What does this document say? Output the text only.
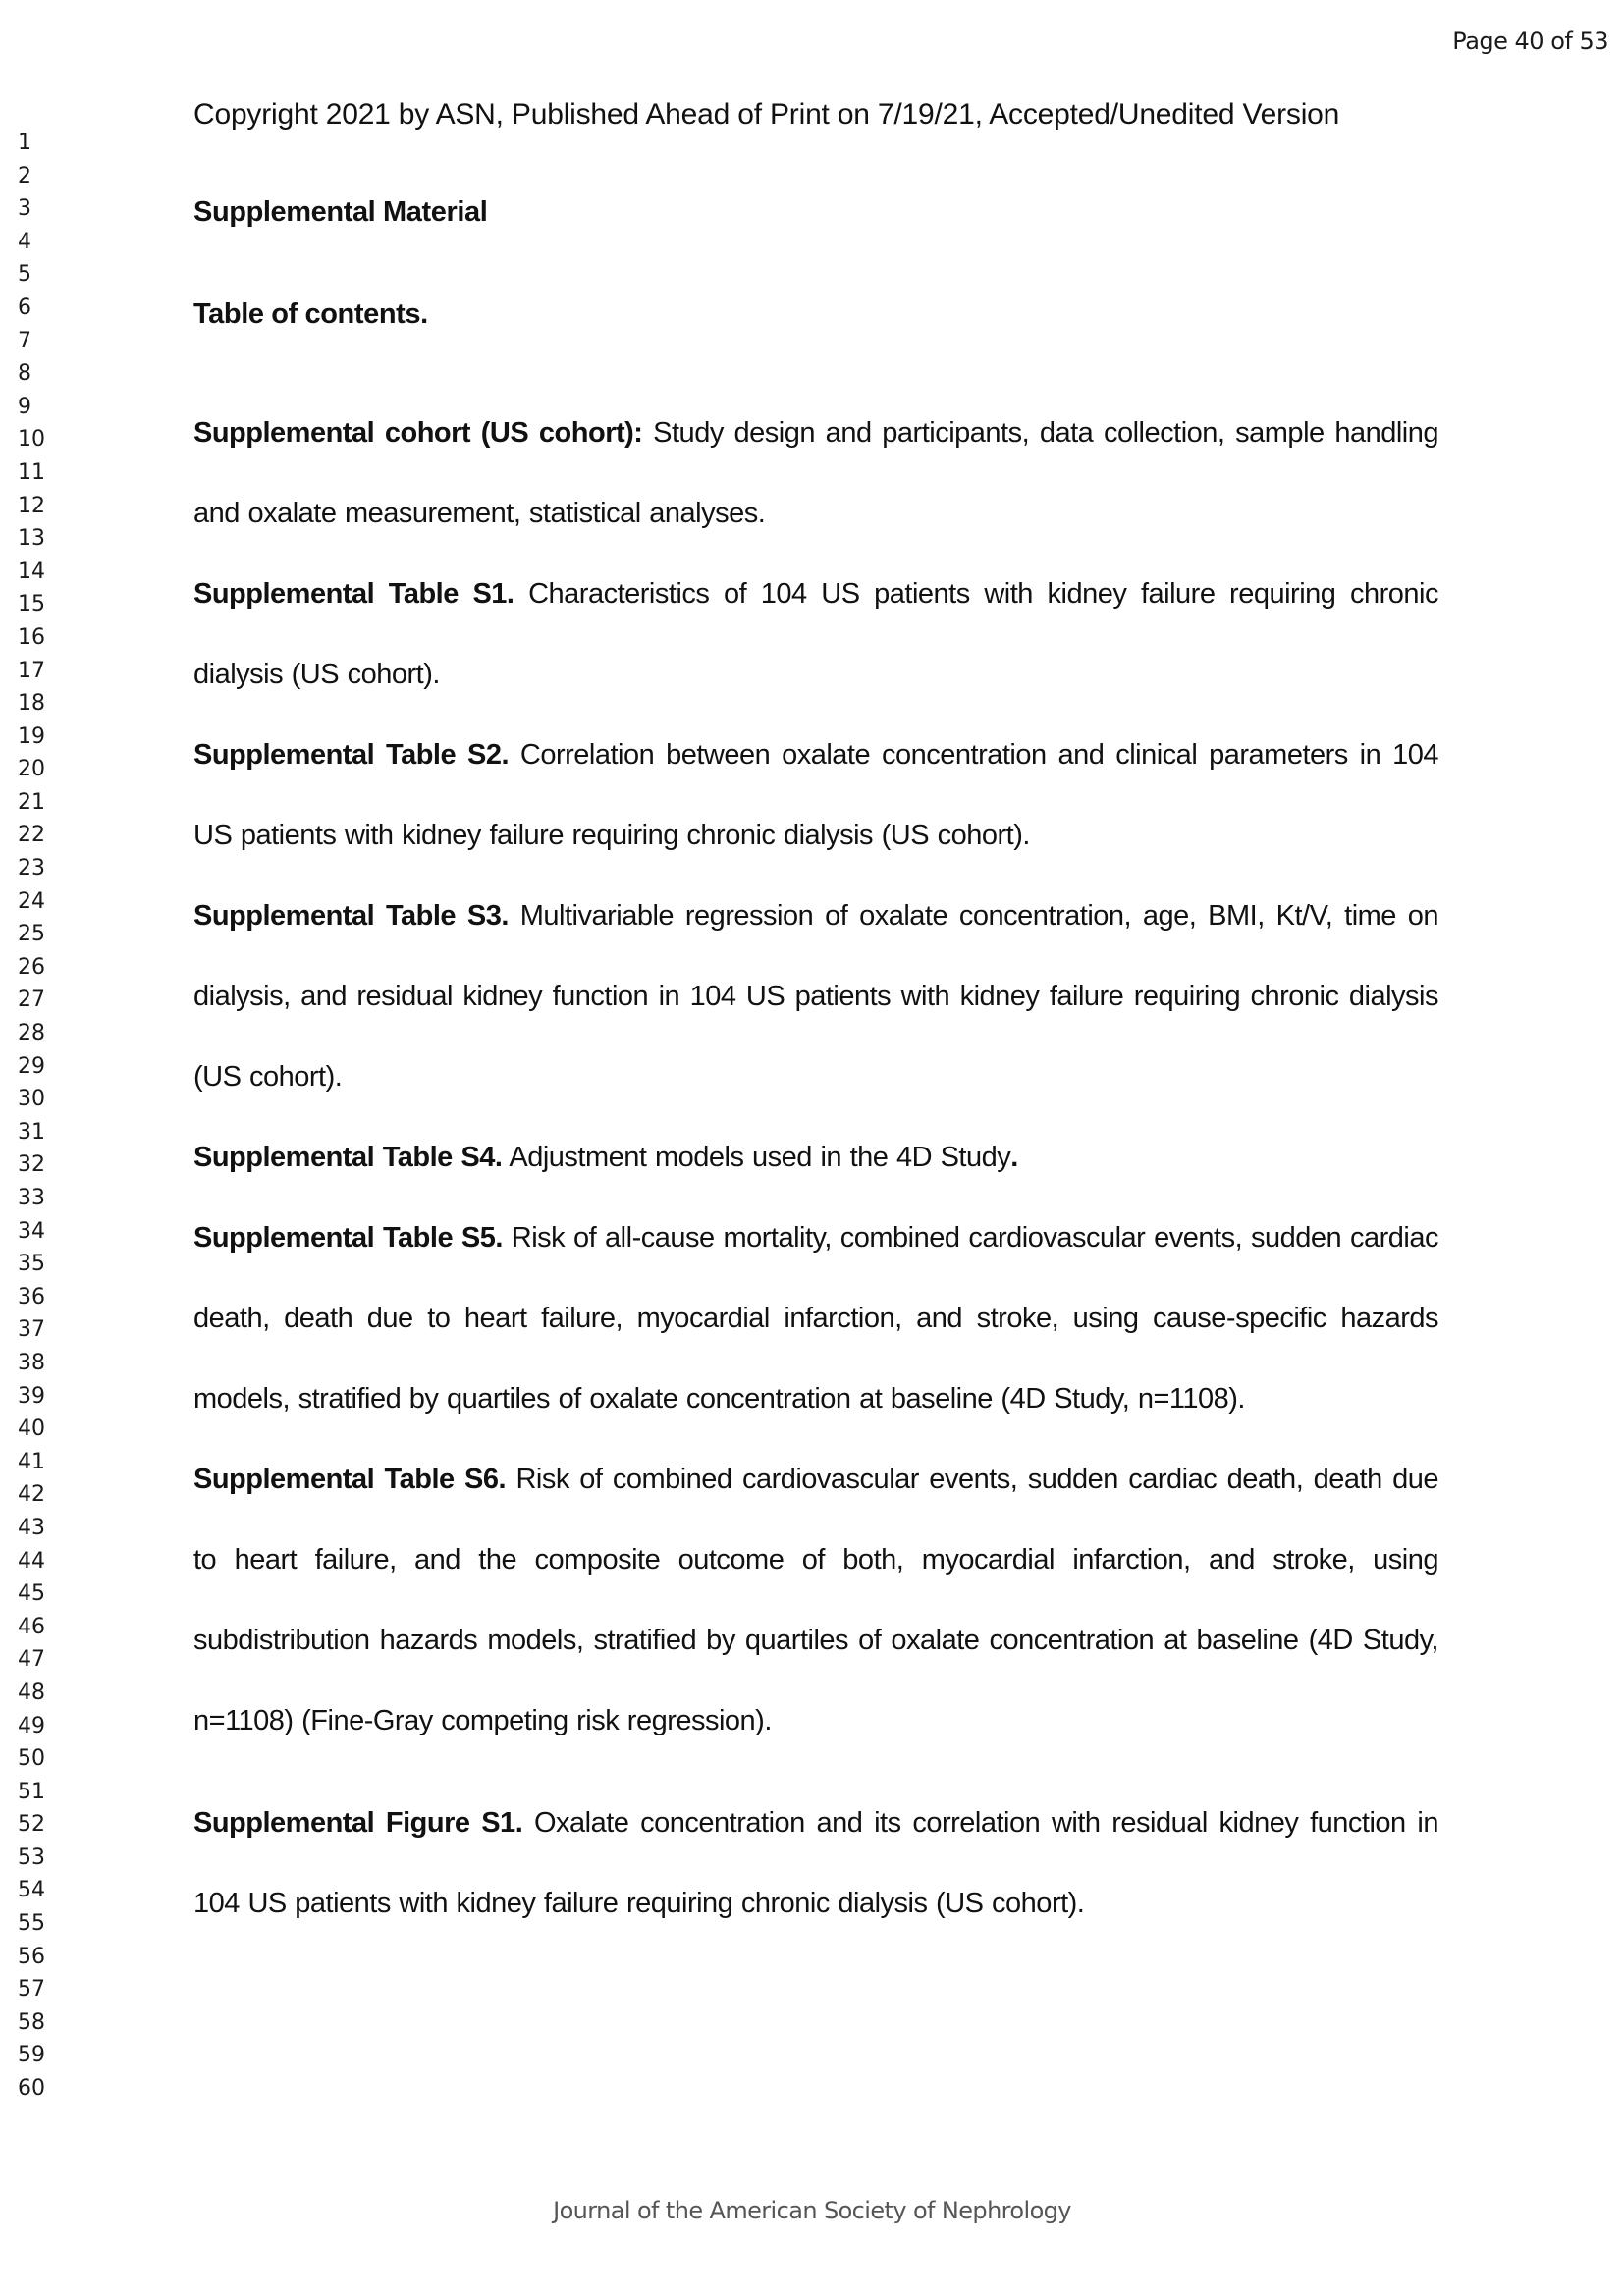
Page 40 of 53
1
2
3
4
5
6
7
8
9
10
11
12
13
14
15
16
17
18
19
20
21
22
23
24
25
26
27
28
29
30
31
32
33
34
35
36
37
38
39
40
41
42
43
44
45
46
47
48
49
50
51
52
53
54
55
56
57
58
59
60
Copyright 2021 by ASN, Published Ahead of Print on 7/19/21, Accepted/Unedited Version
Supplemental Material
Table of contents.

Supplemental cohort (US cohort): Study design and participants, data collection, sample handling and oxalate measurement, statistical analyses.

Supplemental Table S1. Characteristics of 104 US patients with kidney failure requiring chronic dialysis (US cohort).

Supplemental Table S2. Correlation between oxalate concentration and clinical parameters in 104 US patients with kidney failure requiring chronic dialysis (US cohort).

Supplemental Table S3. Multivariable regression of oxalate concentration, age, BMI, Kt/V, time on dialysis, and residual kidney function in 104 US patients with kidney failure requiring chronic dialysis (US cohort).

Supplemental Table S4. Adjustment models used in the 4D Study.

Supplemental Table S5. Risk of all-cause mortality, combined cardiovascular events, sudden cardiac death, death due to heart failure, myocardial infarction, and stroke, using cause-specific hazards models, stratified by quartiles of oxalate concentration at baseline (4D Study, n=1108).

Supplemental Table S6. Risk of combined cardiovascular events, sudden cardiac death, death due to heart failure, and the composite outcome of both, myocardial infarction, and stroke, using subdistribution hazards models, stratified by quartiles of oxalate concentration at baseline (4D Study, n=1108) (Fine-Gray competing risk regression).

Supplemental Figure S1. Oxalate concentration and its correlation with residual kidney function in 104 US patients with kidney failure requiring chronic dialysis (US cohort).

Journal of the American Society of Nephrology
